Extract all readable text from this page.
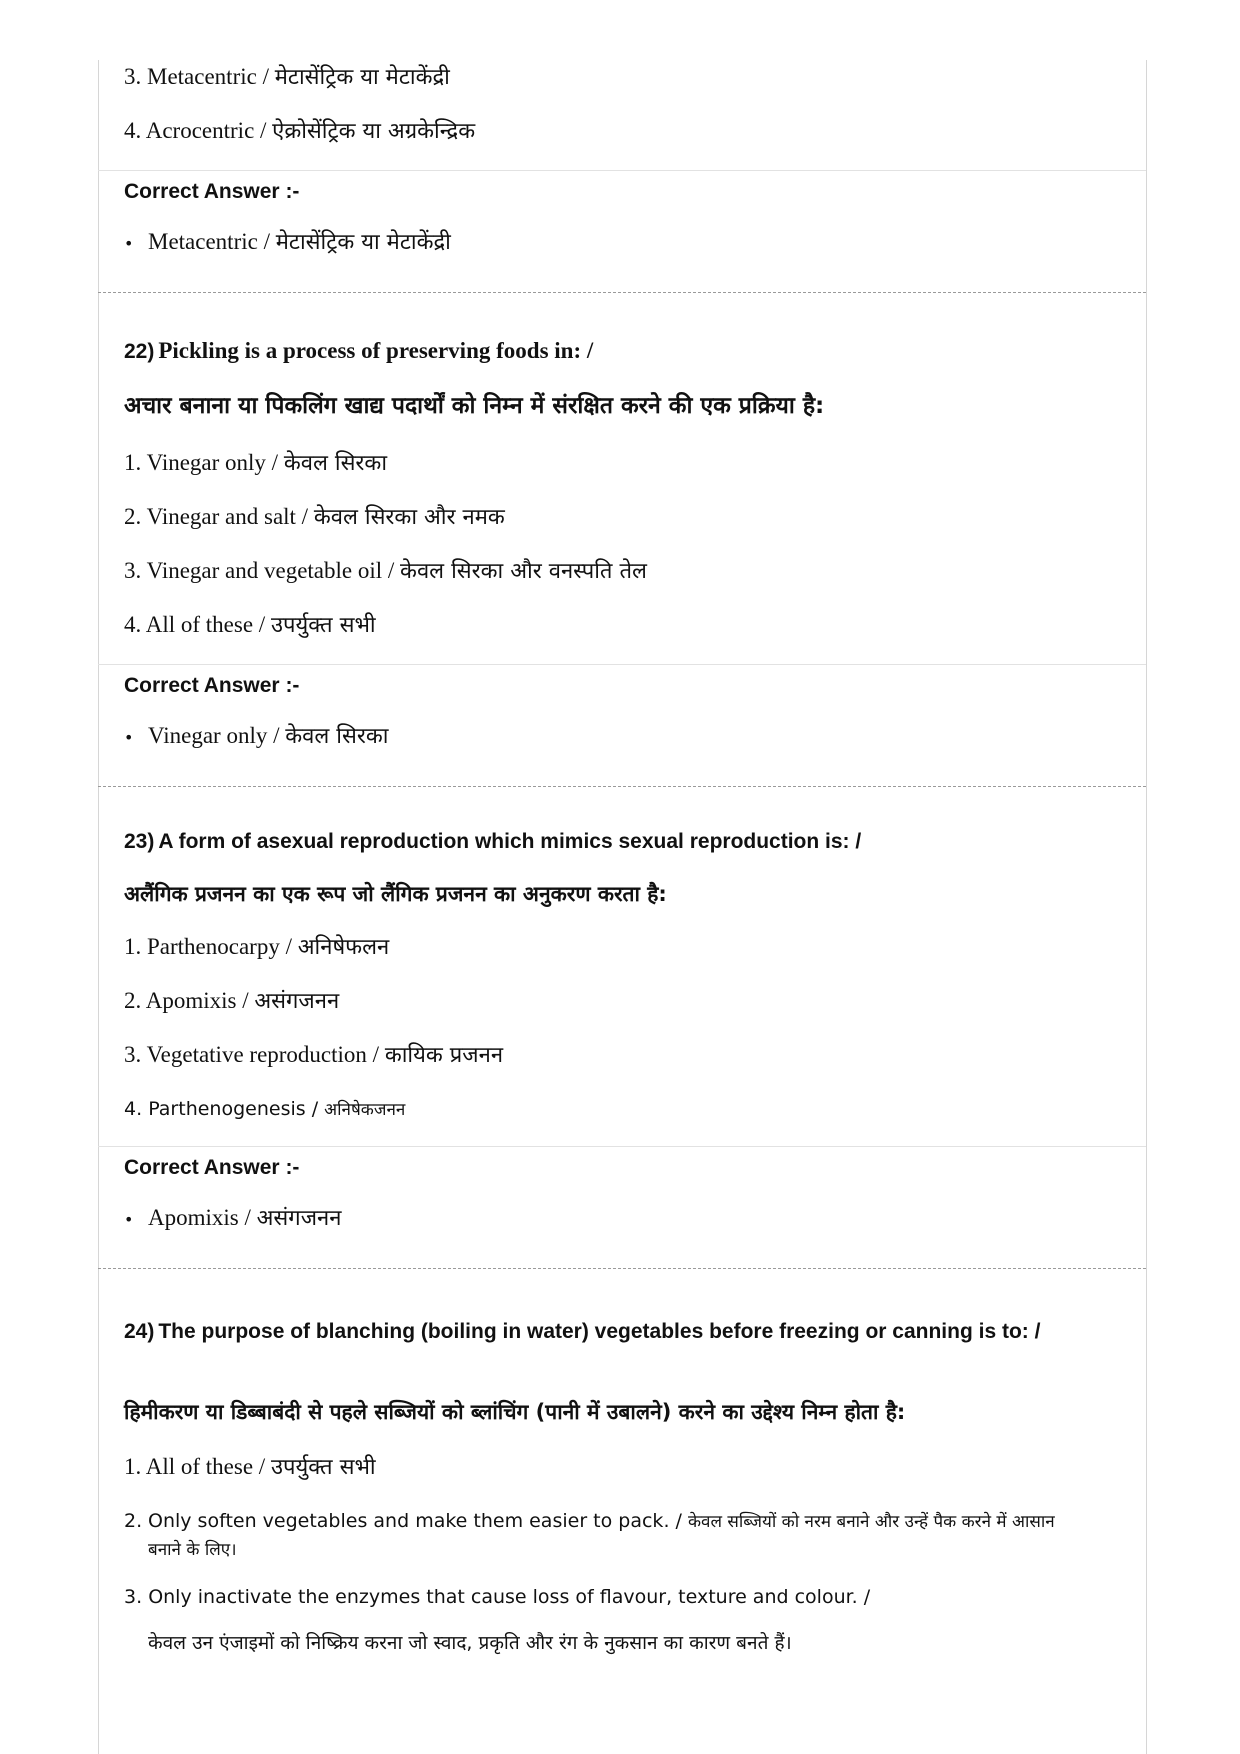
3. Metacentric / मेटासेंट्रिक या मेटाकेंद्री
4. Acrocentric / ऐक्रोसेंट्रिक या अग्रकेन्द्रिक
Correct Answer :-
• Metacentric / मेटासेंट्रिक या मेटाकेंद्री
22) Pickling is a process of preserving foods in: /
अचार बनाना या पिकलिंग खाद्य पदार्थों को निम्न में संरक्षित करने की एक प्रक्रिया है:
1. Vinegar only / केवल सिरका
2. Vinegar and salt / केवल सिरका और नमक
3. Vinegar and vegetable oil / केवल सिरका और वनस्पति तेल
4. All of these / उपर्युक्त सभी
Correct Answer :-
• Vinegar only / केवल सिरका
23) A form of asexual reproduction which mimics sexual reproduction is: /
अलैंगिक प्रजनन का एक रूप जो लैंगिक प्रजनन का अनुकरण करता है:
1. Parthenocarpy / अनिषेफलन
2. Apomixis / असंगजनन
3. Vegetative reproduction / कायिक प्रजनन
4. Parthenogenesis / अनिषेकजनन
Correct Answer :-
• Apomixis / असंगजनन
24) The purpose of blanching (boiling in water) vegetables before freezing or canning is to: /
हिमीकरण या डिब्बाबंदी से पहले सब्जियों को ब्लांचिंग (पानी में उबालने) करने का उद्देश्य निम्न होता है:
1. All of these / उपर्युक्त सभी
2. Only soften vegetables and make them easier to pack. / केवल सब्जियों को नरम बनाने और उन्हें पैक करने में आसान बनाने के लिए।
3. Only inactivate the enzymes that cause loss of flavour, texture and colour. /
केवल उन एंजाइमों को निष्क्रिय करना जो स्वाद, प्रकृति और रंग के नुकसान का कारण बनते हैं।
